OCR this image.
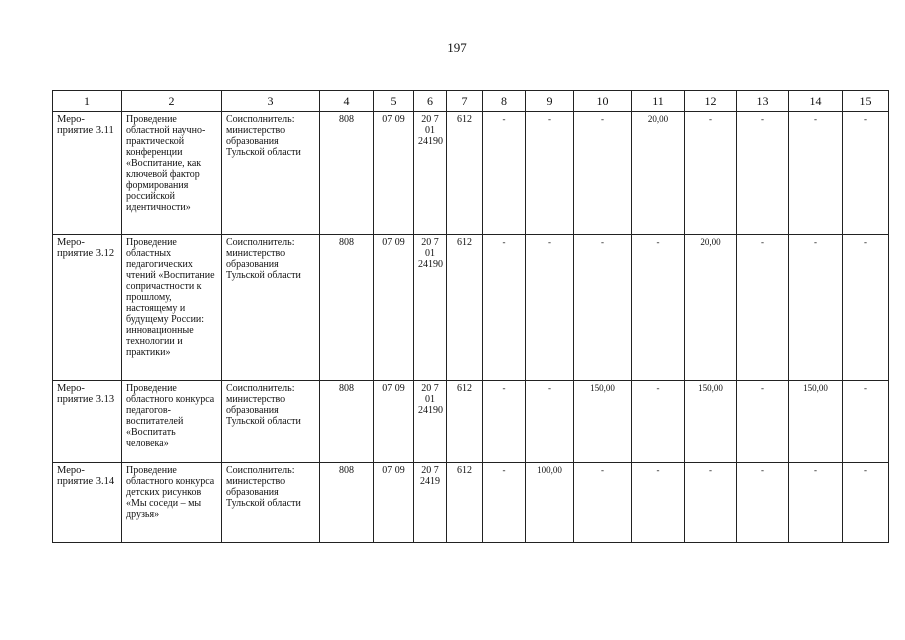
197
1	2	3	4	5	6	7	8	9	10	11	12	13	14	15
Меро-приятие 3.11	Проведение областной научно-практической конференции «Воспитание, как ключевой фактор формирования российской идентичности»	Соисполнитель: министерство образования Тульской области	808	07 09	20 7 01 24190	612	-	-	-	20,00	-	-	-	-
Меро-приятие 3.12	Проведение областных педагогических чтений «Воспитание сопричастности к прошлому, настоящему и будущему России: инновационные технологии и практики»	Соисполнитель: министерство образования Тульской области	808	07 09	20 7 01 24190	612	-	-	-	-	20,00	-	-	-
Меро-приятие 3.13	Проведение областного конкурса педагогов-воспитателей «Воспитать человека»	Соисполнитель: министерство образования Тульской области	808	07 09	20 7 01 24190	612	-	-	150,00	-	150,00	-	150,00	-
Меро-приятие 3.14	Проведение областного конкурса детских рисунков «Мы соседи – мы друзья»	Соисполнитель: министерство образования Тульской области	808	07 09	20 7 2419	612	-	100,00	-	-	-	-	-	-
